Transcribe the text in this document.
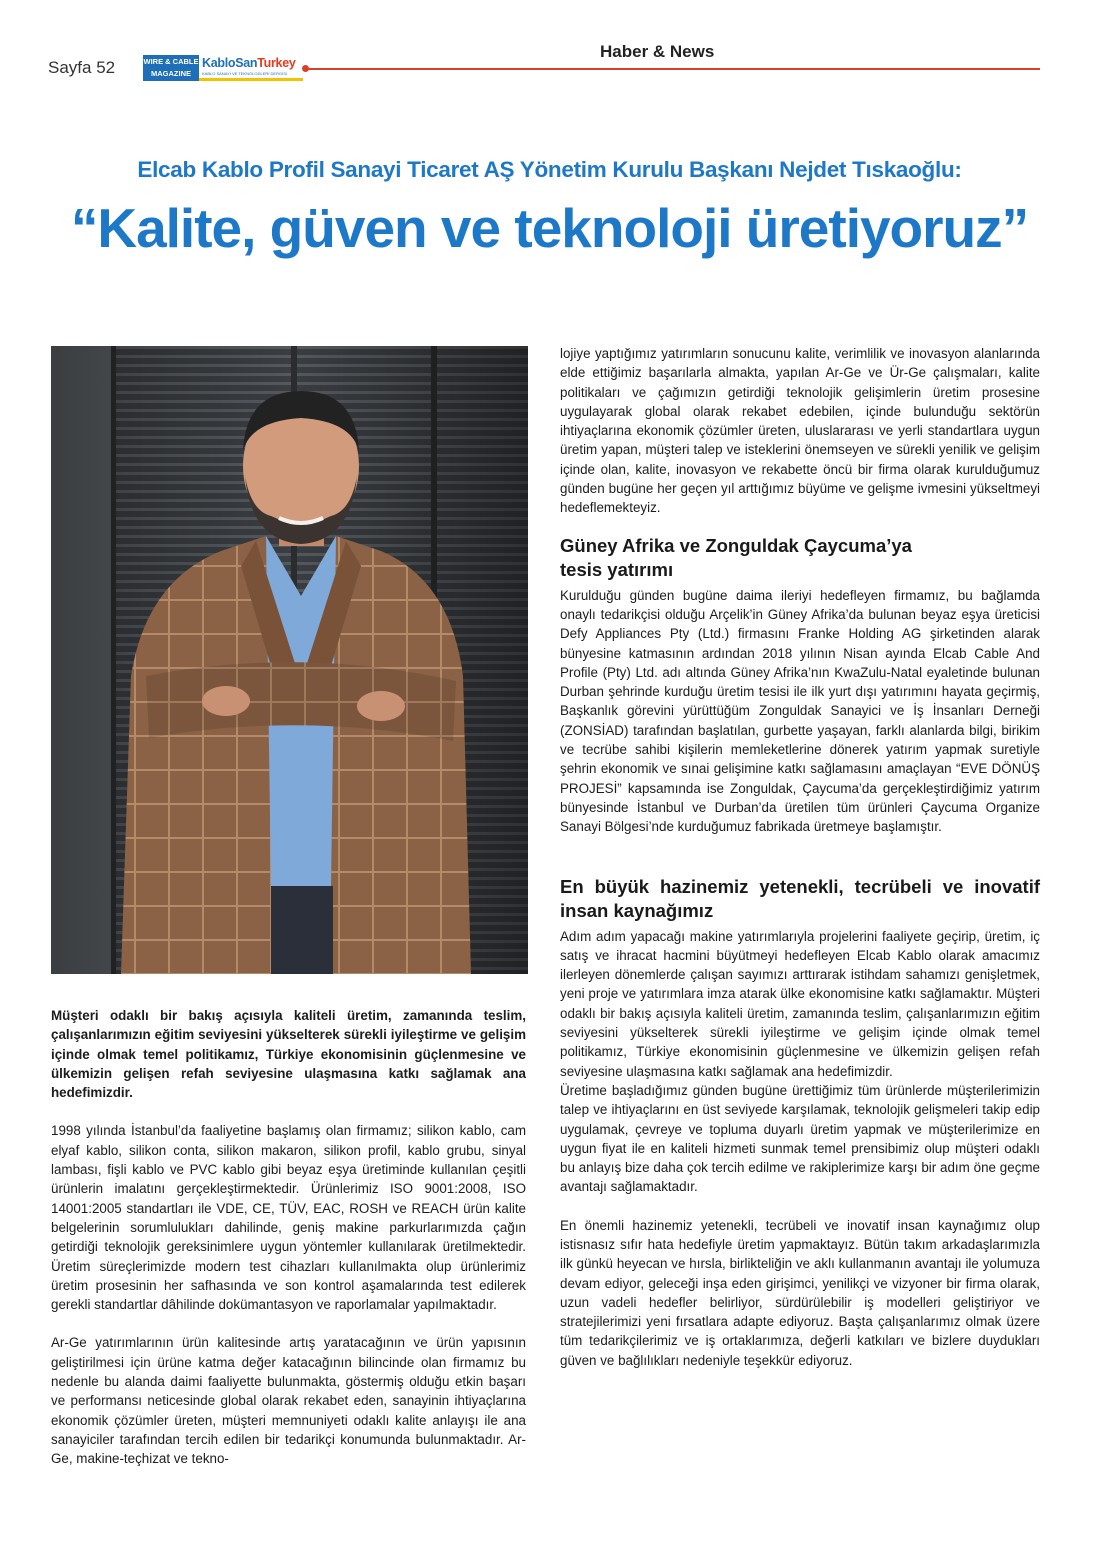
Sayfa 52	WIRE & CABLE
MAGAZINE
KabloSanTurkey
KABLO SANAYİ VE TEKNOLOJİLERİ DERGİSİ
Haber & News
Elcab Kablo Profil Sanayi Ticaret AŞ Yönetim Kurulu Başkanı Nejdet Tıskaoğlu:
“Kalite, güven ve teknoloji üretiyoruz”

Müşteri odaklı bir bakış açısıyla kaliteli üretim, zamanında teslim, çalışanlarımızın eğitim seviyesini yükselterek sürekli iyileştirme ve gelişim içinde olmak temel politikamız, Türkiye ekonomisinin güçlenmesine ve ülkemizin gelişen refah seviyesine ulaşmasına katkı sağlamak ana hedefimizdir.

1998 yılında İstanbul’da faaliyetine başlamış olan firmamız; silikon kablo, cam elyaf kablo, silikon conta, silikon makaron, silikon profil, kablo grubu, sinyal lambası, fişli kablo ve PVC kablo gibi beyaz eşya üretiminde kullanılan çeşitli ürünlerin imalatını gerçekleştirmektedir. Ürünlerimiz ISO 9001:2008, ISO 14001:2005 standartları ile VDE, CE, TÜV, EAC, ROSH ve REACH ürün kalite belgelerinin sorumlulukları dahilinde, geniş makine parkurlarımızda çağın getirdiği teknolojik gereksinimlere uygun yöntemler kullanılarak üretilmektedir. Üretim süreçlerimizde modern test cihazları kullanılmakta olup ürünlerimiz üretim prosesinin her safhasında ve son kontrol aşamalarında test edilerek gerekli standartlar dâhilinde dokümantasyon ve raporlamalar yapılmaktadır.

Ar-Ge yatırımlarının ürün kalitesinde artış yaratacağının ve ürün yapısının geliştirilmesi için ürüne katma değer katacağının bilincinde olan firmamız bu nedenle bu alanda daimi faaliyette bulunmakta, göstermiş olduğu etkin başarı ve performansı neticesinde global olarak rekabet eden, sanayinin ihtiyaçlarına ekonomik çözümler üreten, müşteri memnuniyeti odaklı kalite anlayışı ile ana sanayiciler tarafından tercih edilen bir tedarikçi konumunda bulunmaktadır. Ar-Ge, makine-teçhizat ve tekno-

lojiye yaptığımız yatırımların sonucunu kalite, verimlilik ve inovasyon alanlarında elde ettiğimiz başarılarla almakta, yapılan Ar-Ge ve Ür-Ge çalışmaları, kalite politikaları ve çağımızın getirdiği teknolojik gelişimlerin üretim prosesine uygulayarak global olarak rekabet edebilen, içinde bulunduğu sektörün ihtiyaçlarına ekonomik çözümler üreten, uluslararası ve yerli standartlara uygun üretim yapan, müşteri talep ve isteklerini önemseyen ve sürekli yenilik ve gelişim içinde olan, kalite, inovasyon ve rekabette öncü bir firma olarak kurulduğumuz günden bugüne her geçen yıl arttığımız büyüme ve gelişme ivmesini yükseltmeyi hedeflemekteyiz.

Güney Afrika ve Zonguldak Çaycuma’ya
tesis yatırımı

Kurulduğu günden bugüne daima ileriyi hedefleyen firmamız, bu bağlamda onaylı tedarikçisi olduğu Arçelik’in Güney Afrika’da bulunan beyaz eşya üreticisi Defy Appliances Pty (Ltd.) firmasını Franke Holding AG şirketinden alarak bünyesine katmasının ardından 2018 yılının Nisan ayında Elcab Cable And Profile (Pty) Ltd. adı altında Güney Afrika’nın KwaZulu-Natal eyaletinde bulunan Durban şehrinde kurduğu üretim tesisi ile ilk yurt dışı yatırımını hayata geçirmiş, Başkanlık görevini yürüttüğüm Zonguldak Sanayici ve İş İnsanları Derneği (ZONSİAD) tarafından başlatılan, gurbette yaşayan, farklı alanlarda bilgi, birikim ve tecrübe sahibi kişilerin memleketlerine dönerek yatırım yapmak suretiyle şehrin ekonomik ve sınai gelişimine katkı sağlamasını amaçlayan “EVE DÖNÜŞ PROJESİ” kapsamında ise Zonguldak, Çaycuma’da gerçekleştirdiğimiz yatırım bünyesinde İstanbul ve Durban’da üretilen tüm ürünleri Çaycuma Organize Sanayi Bölgesi’nde kurduğumuz fabrikada üretmeye başlamıştır.

En büyük hazinemiz yetenekli, tecrübeli ve inovatif insan kaynağımız

Adım adım yapacağı makine yatırımlarıyla projelerini faaliyete geçirip, üretim, iç satış ve ihracat hacmini büyütmeyi hedefleyen Elcab Kablo olarak amacımız ilerleyen dönemlerde çalışan sayımızı arttırarak istihdam sahamızı genişletmek, yeni proje ve yatırımlara imza atarak ülke ekonomisine katkı sağlamaktır. Müşteri odaklı bir bakış açısıyla kaliteli üretim, zamanında teslim, çalışanlarımızın eğitim seviyesini yükselterek sürekli iyileştirme ve gelişim içinde olmak temel politikamız, Türkiye ekonomisinin güçlenmesine ve ülkemizin gelişen refah seviyesine ulaşmasına katkı sağlamak ana hedefimizdir.

Üretime başladığımız günden bugüne ürettiğimiz tüm ürünlerde müşterilerimizin talep ve ihtiyaçlarını en üst seviyede karşılamak, teknolojik gelişmeleri takip edip uygulamak, çevreye ve topluma duyarlı üretim yapmak ve müşterilerimize en uygun fiyat ile en kaliteli hizmeti sunmak temel prensibimiz olup müşteri odaklı bu anlayış bize daha çok tercih edilme ve rakiplerimize karşı bir adım öne geçme avantajı sağlamaktadır.

En önemli hazinemiz yetenekli, tecrübeli ve inovatif insan kaynağımız olup istisnasız sıfır hata hedefiyle üretim yapmaktayız. Bütün takım arkadaşlarımızla ilk günkü heyecan ve hırsla, birlikteliğin ve aklı kullanmanın avantajı ile yolumuza devam ediyor, geleceği inşa eden girişimci, yenilikçi ve vizyoner bir firma olarak, uzun vadeli hedefler belirliyor, sürdürülebilir iş modelleri geliştiriyor ve stratejilerimizi yeni fırsatlara adapte ediyoruz. Başta çalışanlarımız olmak üzere tüm tedarikçilerimiz ve iş ortaklarımıza, değerli katkıları ve bizlere duydukları güven ve bağlılıkları nedeniyle teşekkür ediyoruz.
